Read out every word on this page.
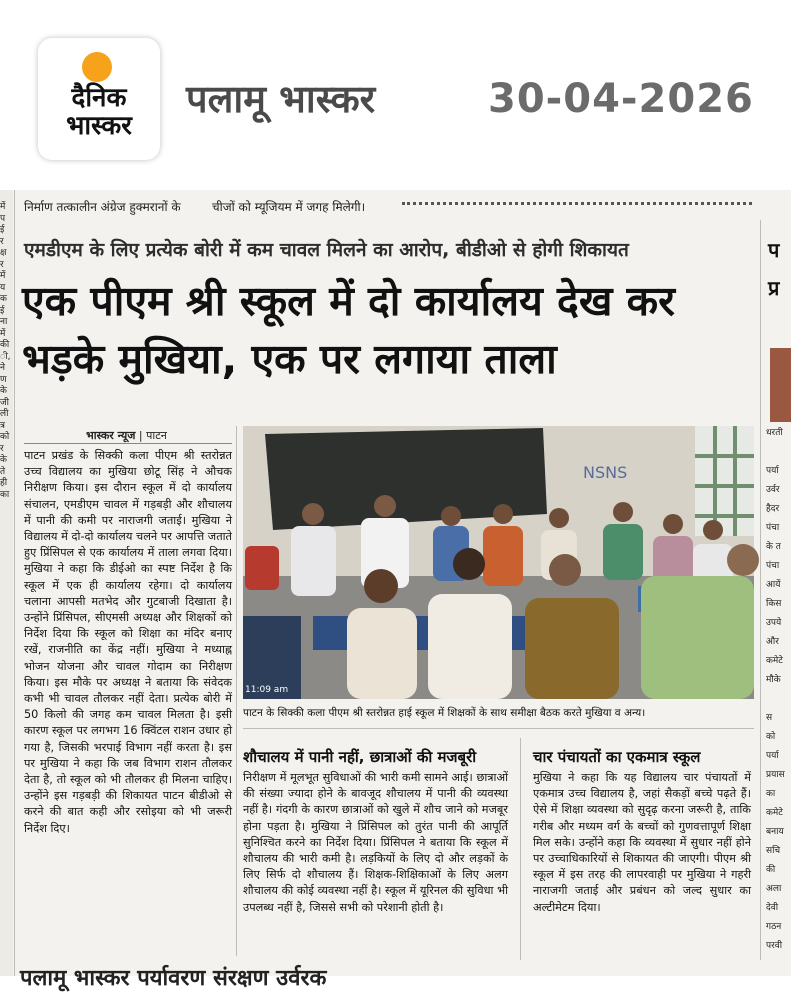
दैनिक
भास्कर
पलामू भास्कर	30-04-2026
में
प
ई
र
क्ष
र
में
य
क
ई
ना
में
की
ी,
ने
ण
के
जी
ली
त्र
को
र
के
ते
ही
का
निर्माण तत्कालीन अंग्रेज हुक्मरानों के	चीजों को म्यूजियम में जगह मिलेगी।
एमडीएम के लिए प्रत्येक बोरी में कम चावल मिलने का आरोप, बीडीओ से होगी शिकायत
एक पीएम श्री स्कूल में दो कार्यालय देख कर भड़के मुखिया, एक पर लगाया ताला
भास्कर न्यूज | पाटन
पाटन प्रखंड के सिक्की कला पीएम श्री स्तरोन्नत उच्च विद्यालय का मुखिया छोटू सिंह ने औचक निरीक्षण किया। इस दौरान स्कूल में दो कार्यालय संचालन, एमडीएम चावल में गड़बड़ी और शौचालय में पानी की कमी पर नाराजगी जताई। मुखिया ने विद्यालय में दो-दो कार्यालय चलने पर आपत्ति जताते हुए प्रिंसिपल से एक कार्यालय में ताला लगवा दिया। मुखिया ने कहा कि डीईओ का स्पष्ट निर्देश है कि स्कूल में एक ही कार्यालय रहेगा। दो कार्यालय चलाना आपसी मतभेद और गुटबाजी दिखाता है। उन्होंने प्रिंसिपल, सीएमसी अध्यक्ष और शिक्षकों को निर्देश दिया कि स्कूल को शिक्षा का मंदिर बनाए रखें, राजनीति का केंद्र नहीं। मुखिया ने मध्याह्न भोजन योजना और चावल गोदाम का निरीक्षण किया। इस मौके पर अध्यक्ष ने बताया कि संवेदक कभी भी चावल तौलकर नहीं देता। प्रत्येक बोरी में 50 किलो की जगह कम चावल मिलता है। इसी कारण स्कूल पर लगभग 16 क्विंटल राशन उधार हो गया है, जिसकी भरपाई विभाग नहीं करता है। इस पर मुखिया ने कहा कि जब विभाग राशन तौलकर देता है, तो स्कूल को भी तौलकर ही मिलना चाहिए। उन्होंने इस गड़बड़ी की शिकायत पाटन बीडीओ से करने की बात कही और रसोइया को भी जरूरी निर्देश दिए।
NSNS
11:09 am
पाटन के सिक्की कला पीएम श्री स्तरोन्नत हाई स्कूल में शिक्षकों के साथ समीक्षा बैठक करते मुखिया व अन्य।
शौचालय में पानी नहीं, छात्राओं की मजबूरी
निरीक्षण में मूलभूत सुविधाओं की भारी कमी सामने आई। छात्राओं की संख्या ज्यादा होने के बावजूद शौचालय में पानी की व्यवस्था नहीं है। गंदगी के कारण छात्राओं को खुले में शौच जाने को मजबूर होना पड़ता है। मुखिया ने प्रिंसिपल को तुरंत पानी की आपूर्ति सुनिश्चित करने का निर्देश दिया। प्रिंसिपल ने बताया कि स्कूल में शौचालय की भारी कमी है। लड़कियों के लिए दो और लड़कों के लिए सिर्फ दो शौचालय हैं। शिक्षक-शिक्षिकाओं के लिए अलग शौचालय की कोई व्यवस्था नहीं है। स्कूल में यूरिनल की सुविधा भी उपलब्ध नहीं है, जिससे सभी को परेशानी होती है।
चार पंचायतों का एकमात्र स्कूल
मुखिया ने कहा कि यह विद्यालय चार पंचायतों में एकमात्र उच्च विद्यालय है, जहां सैकड़ों बच्चे पढ़ते हैं। ऐसे में शिक्षा व्यवस्था को सुदृढ़ करना जरूरी है, ताकि गरीब और मध्यम वर्ग के बच्चों को गुणवत्तापूर्ण शिक्षा मिल सके। उन्होंने कहा कि व्यवस्था में सुधार नहीं होने पर उच्चाधिकारियों से शिकायत की जाएगी। पीएम श्री स्कूल में इस तरह की लापरवाही पर मुखिया ने गहरी नाराजगी जताई और प्रबंधन को जल्द सुधार का अल्टीमेटम दिया।
प
प्र
धरती
पर्या
उर्वर
हैदर
पंचा
के त
पंचा
आयें
किस
उपये
और
कमेटे
मौके
स
को
पर्या
प्रयास
का
कमेटे
बनाय
सचि
की
अला
देवी
गठन
परवी
पलामू भास्कर पर्यावरण संरक्षण उर्वरक
